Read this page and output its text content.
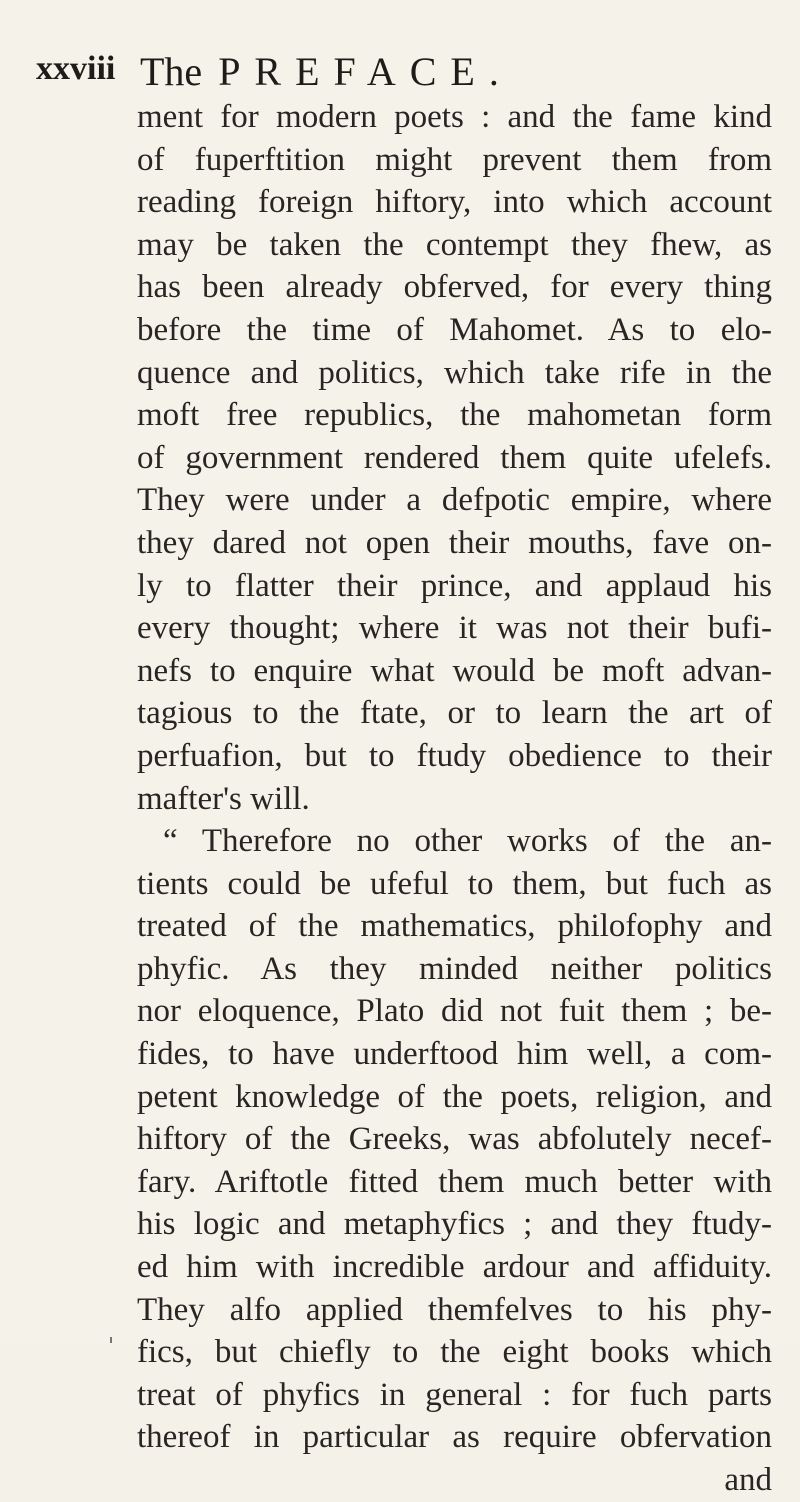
xxviii The PREFACE.
ment for modern poets : and the fame kind
of fuperftition might prevent them from
reading foreign hiftory, into which account
may be taken the contempt they fhew, as
has been already obferved, for every thing
before the time of Mahomet. As to elo-
quence and politics, which take rife in the
moft free republics, the mahometan form
of government rendered them quite ufelefs.
They were under a defpotic empire, where
they dared not open their mouths, fave on-
ly to flatter their prince, and applaud his
every thought; where it was not their bufi-
nefs to enquire what would be moft advan-
tagious to the ftate, or to learn the art of
perfuafion, but to ftudy obedience to their
mafter's will.
“ Therefore no other works of the an-
tients could be ufeful to them, but fuch as
treated of the mathematics, philofophy and
phyfic. As they minded neither politics
nor eloquence, Plato did not fuit them ; be-
fides, to have underftood him well, a com-
petent knowledge of the poets, religion, and
hiftory of the Greeks, was abfolutely necef-
fary. Ariftotle fitted them much better with
his logic and metaphyfics ; and they ftudy-
ed him with incredible ardour and affiduity.
They alfo applied themfelves to his phy-
fics, but chiefly to the eight books which
treat of phyfics in general : for fuch parts
thereof in particular as require obfervation
and
